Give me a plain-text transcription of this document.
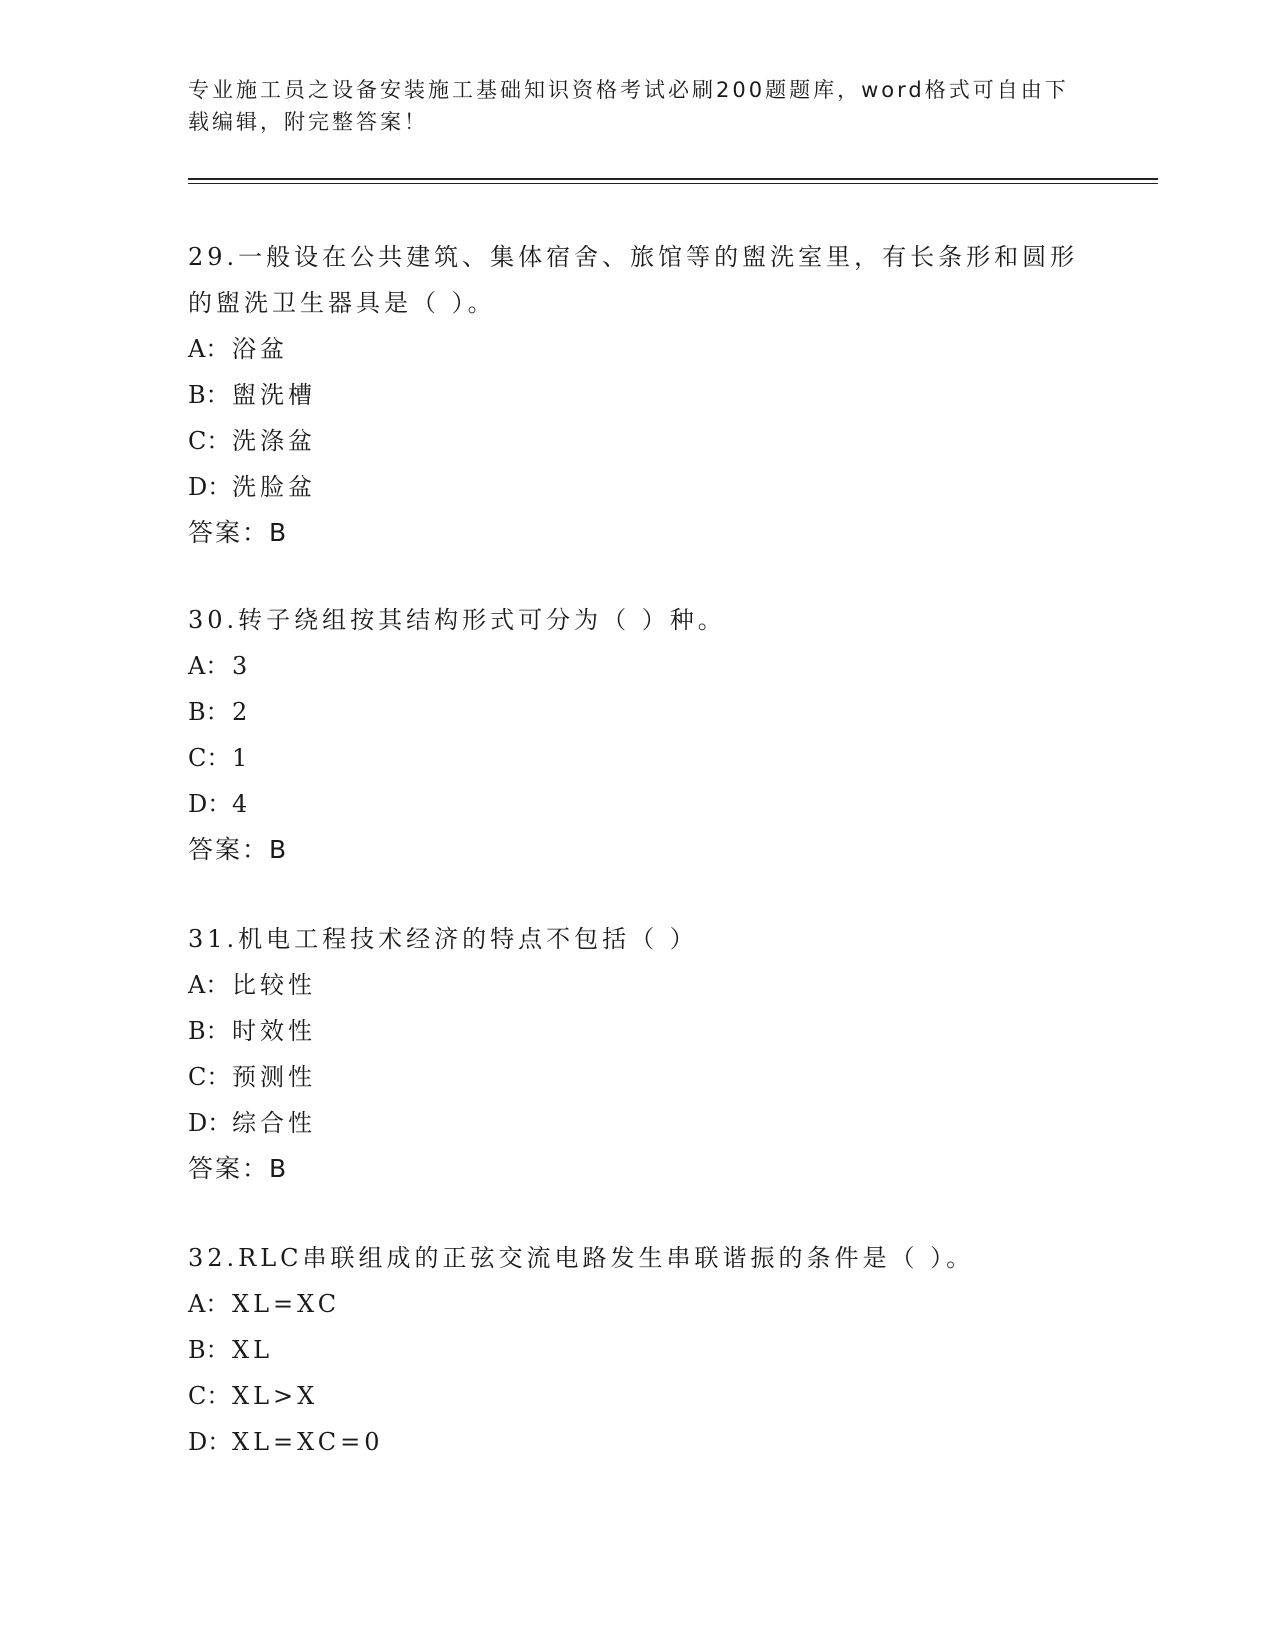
专业施工员之设备安装施工基础知识资格考试必刷200题题库，word格式可自由下载编辑，附完整答案！

29.一般设在公共建筑、集体宿舍、旅馆等的盥洗室里，有长条形和圆形的盥洗卫生器具是（ ）。

A： 浴盆

B：盥洗槽

C：洗涤盆

D：洗脸盆

答案：B

30.转子绕组按其结构形式可分为（ ）种。

A： 3

B：2

C：1

D：4

答案：B

31.机电工程技术经济的特点不包括（ ）

A： 比较性

B：时效性

C：预测性

D：综合性

答案：B

32.RLC串联组成的正弦交流电路发生串联谐振的条件是（ ）。

A： XL=XC

B：XL

C：XL>X

D：XL=XC=0
